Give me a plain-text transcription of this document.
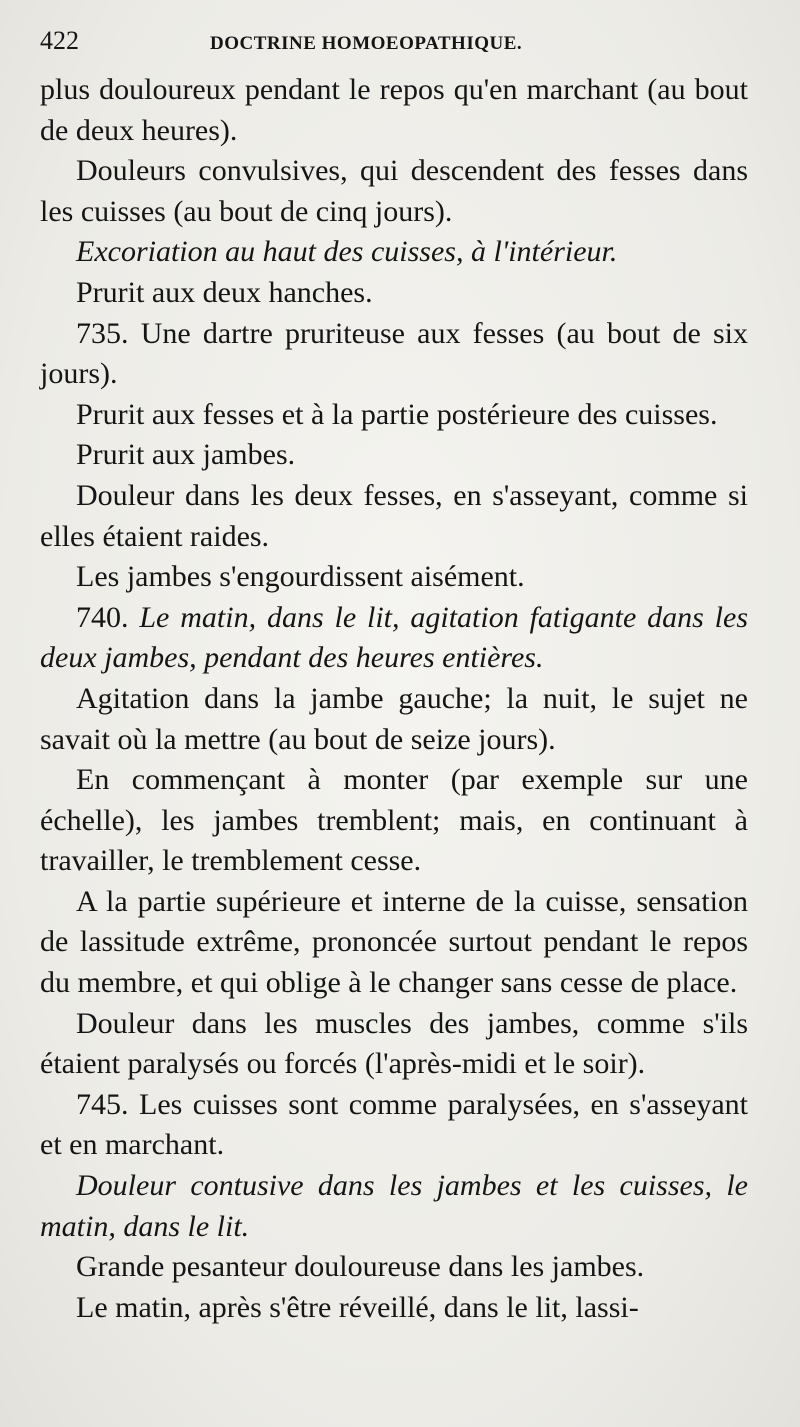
422	DOCTRINE HOMOEOPATHIQUE.

plus douloureux pendant le repos qu'en marchant (au bout de deux heures).

Douleurs convulsives, qui descendent des fesses dans les cuisses (au bout de cinq jours).

Excoriation au haut des cuisses, à l'intérieur.

Prurit aux deux hanches.

735. Une dartre pruriteuse aux fesses (au bout de six jours).

Prurit aux fesses et à la partie postérieure des cuisses.

Prurit aux jambes.

Douleur dans les deux fesses, en s'asseyant, comme si elles étaient raides.

Les jambes s'engourdissent aisément.

740. Le matin, dans le lit, agitation fatigante dans les deux jambes, pendant des heures entières.

Agitation dans la jambe gauche; la nuit, le sujet ne savait où la mettre (au bout de seize jours).

En commençant à monter (par exemple sur une échelle), les jambes tremblent; mais, en continuant à travailler, le tremblement cesse.

A la partie supérieure et interne de la cuisse, sensation de lassitude extrême, prononcée surtout pendant le repos du membre, et qui oblige à le changer sans cesse de place.

Douleur dans les muscles des jambes, comme s'ils étaient paralysés ou forcés (l'après-midi et le soir).

745. Les cuisses sont comme paralysées, en s'asseyant et en marchant.

Douleur contusive dans les jambes et les cuisses, le matin, dans le lit.

Grande pesanteur douloureuse dans les jambes.

Le matin, après s'être réveillé, dans le lit, lassi-
